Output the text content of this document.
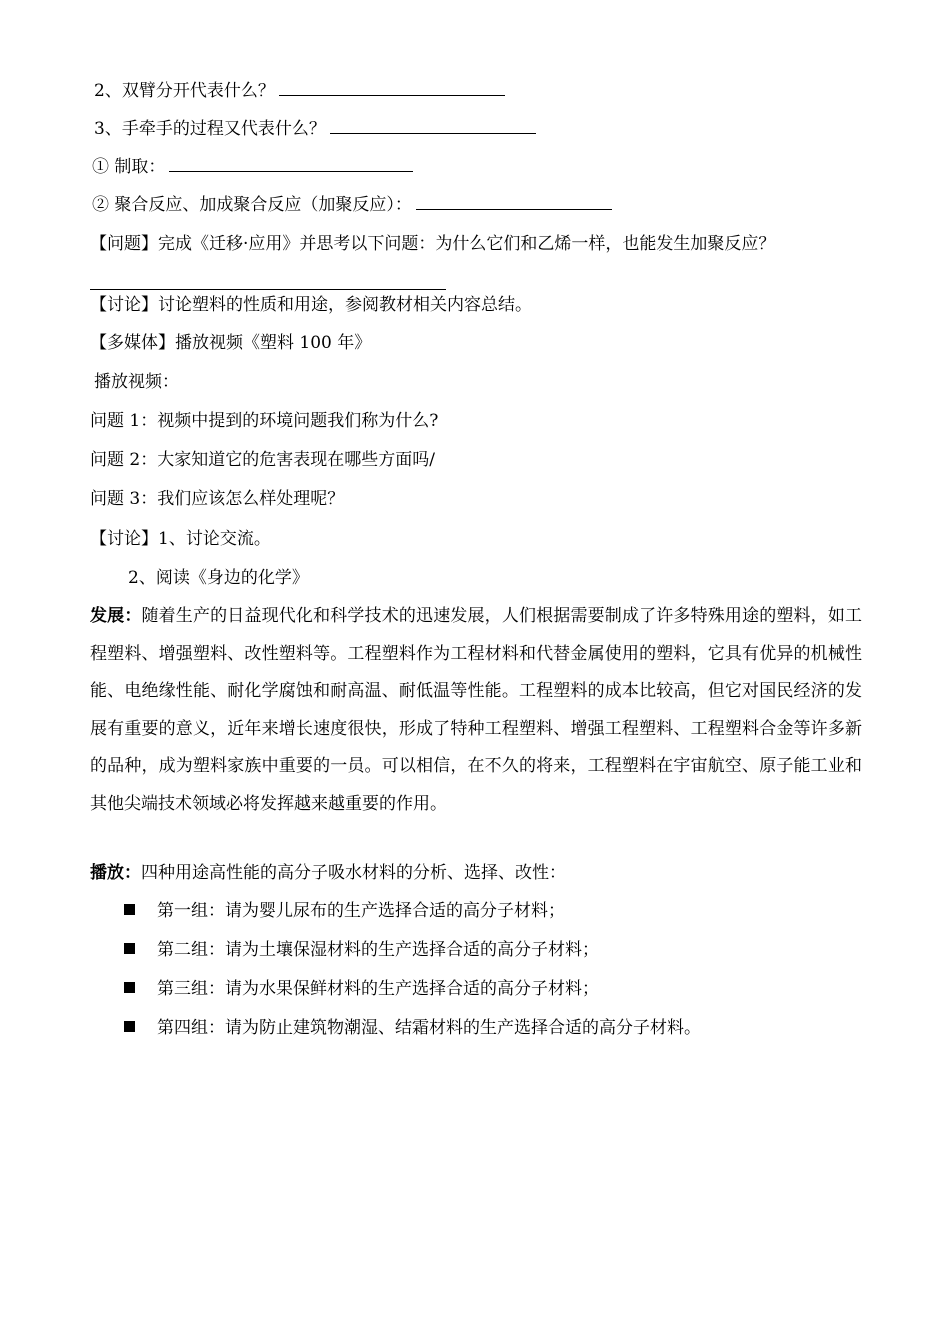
2、双臂分开代表什么？
3、手牵手的过程又代表什么？
① 制取：
② 聚合反应、加成聚合反应（加聚反应）：
【问题】完成《迁移·应用》并思考以下问题：为什么它们和乙烯一样，也能发生加聚反应？
【讨论】讨论塑料的性质和用途，参阅教材相关内容总结。
【多媒体】播放视频《塑料 100 年》
播放视频：
问题 1：视频中提到的环境问题我们称为什么?
问题 2：大家知道它的危害表现在哪些方面吗/
问题 3：我们应该怎么样处理呢？
【讨论】1、讨论交流。
2、阅读《身边的化学》
发展：随着生产的日益现代化和科学技术的迅速发展，人们根据需要制成了许多特殊用途的塑料，如工程塑料、增强塑料、改性塑料等。工程塑料作为工程材料和代替金属使用的塑料，它具有优异的机械性能、电绝缘性能、耐化学腐蚀和耐高温、耐低温等性能。工程塑料的成本比较高，但它对国民经济的发展有重要的意义，近年来增长速度很快，形成了特种工程塑料、增强工程塑料、工程塑料合金等许多新的品种，成为塑料家族中重要的一员。可以相信，在不久的将来，工程塑料在宇宙航空、原子能工业和其他尖端技术领域必将发挥越来越重要的作用。
播放：四种用途高性能的高分子吸水材料的分析、选择、改性：
第一组：请为婴儿尿布的生产选择合适的高分子材料；
第二组：请为土壤保湿材料的生产选择合适的高分子材料；
第三组：请为水果保鲜材料的生产选择合适的高分子材料；
第四组：请为防止建筑物潮湿、结霜材料的生产选择合适的高分子材料。
